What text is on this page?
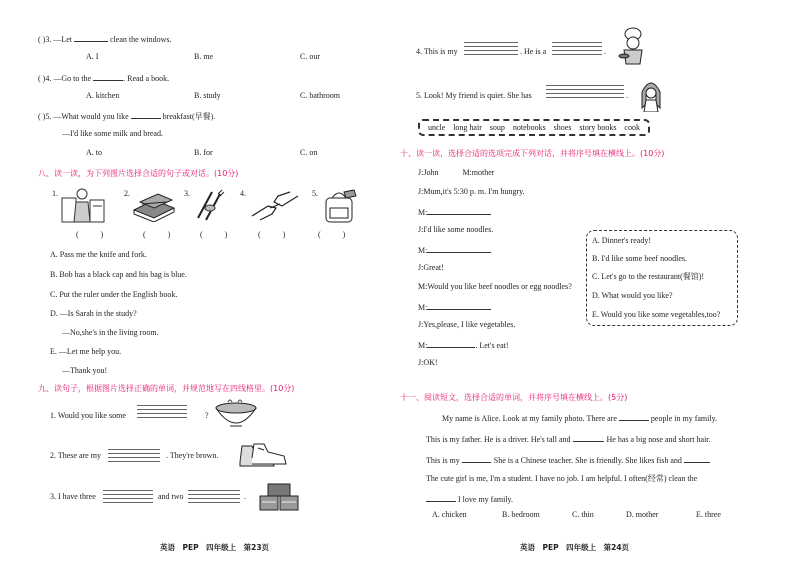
( )3. —Let	clean the windows.
A. I	B. me	C. our
( )4. —Go to the	. Read a book.
A. kitchen	B. study	C. bathroom
( )5. —What would you like	breakfast(早餐).
—I'd like some milk and bread.
A. to	B. for	C. on
八、读一读，为下列图片选择合适的句子或对话。(10分)
1.	2.	3.	4.	5.
( )	( ) ( )	( )	( )
A. Pass me the knife and fork.
B. Bob has a black cap and his bag is blue.
C. Put the ruler under the English book.
D. —Is Sarah in the study?
—No,she's in the living room.
E. —Let me help you.
—Thank you!
九、读句子，根据图片选择正确的单词，并规范地写在四线格里。(10分)
1. Would you like some	?
2. These are my	. They're brown.
3. I have three	and two	.
英语　PEP　四年级上　第23页
4. This is my	. He is a	.
5. Look! My friend is quiet. She has	.
uncle long hair soup notebooks shoes story books cook
十、读一读，选择合适的选项完成下列对话，并将序号填在横线上。(10分)
J:John　　　M:mother
J:Mum,it's 5:30 p. m. I'm hungry.
M:
J:I'd like some noodles.
M:
J:Great!
M:Would you like beef noodles or egg noodles?
M:
J:Yes,please, I like vegetables.
M:	. Let's eat!
J:OK!
A. Dinner's ready!
B. I'd like some beef noodles.
C. Let's go to the restaurant(餐馆)!
D. What would you like?
E. Would you like some vegetables,too?
十一、阅读短文，选择合适的单词，并将序号填在横线上。(5分)
My name is Alice. Look at my family photo. There are	people in my family.
This is my father. He is a driver. He's tall and	. He has a big nose and short hair.
This is my	. She is a Chinese teacher. She is friendly. She likes fish and
The cute girl is me, I'm a student. I have no job. I am helpful. I often(经常) clean the
I love my family.
A. chicken	B. bedroom	C. thin	D. mother	E. three
英语　PEP　四年级上　第24页
